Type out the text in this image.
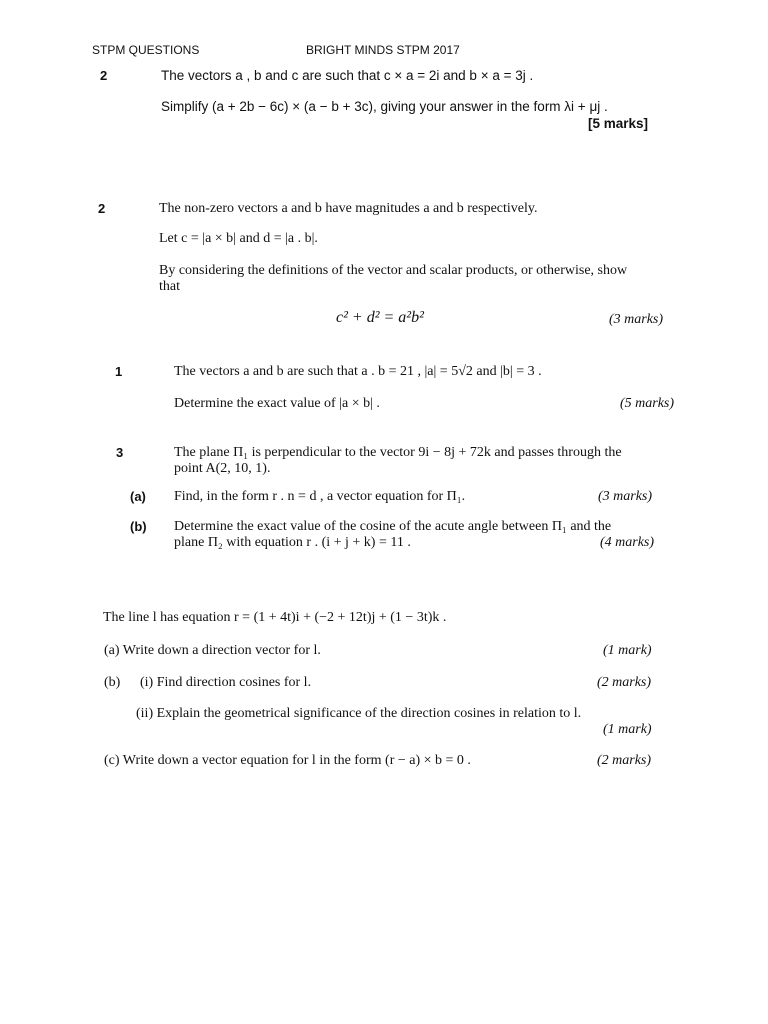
STPM QUESTIONS	BRIGHT MINDS STPM 2017
2	The vectors a , b and c are such that c × a = 2i and b × a = 3j .
Simplify (a + 2b − 6c) × (a − b + 3c), giving your answer in the form λi + μj .
[5 marks]
2	The non-zero vectors a and b have magnitudes a and b respectively.
Let c = |a × b| and d = |a . b|.
By considering the definitions of the vector and scalar products, or otherwise, show
that
c² + d² = a²b²	(3 marks)
1	The vectors a and b are such that a . b = 21 , |a| = 5√2 and |b| = 3 .
Determine the exact value of |a × b| .	(5 marks)
3	The plane Π₁ is perpendicular to the vector 9i − 8j + 72k and passes through the
point A(2, 10, 1).
(a) Find, in the form r . n = d , a vector equation for Π₁.	(3 marks)
(b) Determine the exact value of the cosine of the acute angle between Π₁ and the
plane Π₂ with equation r . (i + j + k) = 11 .	(4 marks)
The line l has equation r = (1 + 4t)i + (−2 + 12t)j + (1 − 3t)k .
(a) Write down a direction vector for l.	(1 mark)
(b) (i) Find direction cosines for l.	(2 marks)
(ii) Explain the geometrical significance of the direction cosines in relation to l.
(1 mark)
(c) Write down a vector equation for l in the form (r − a) × b = 0 .	(2 marks)
